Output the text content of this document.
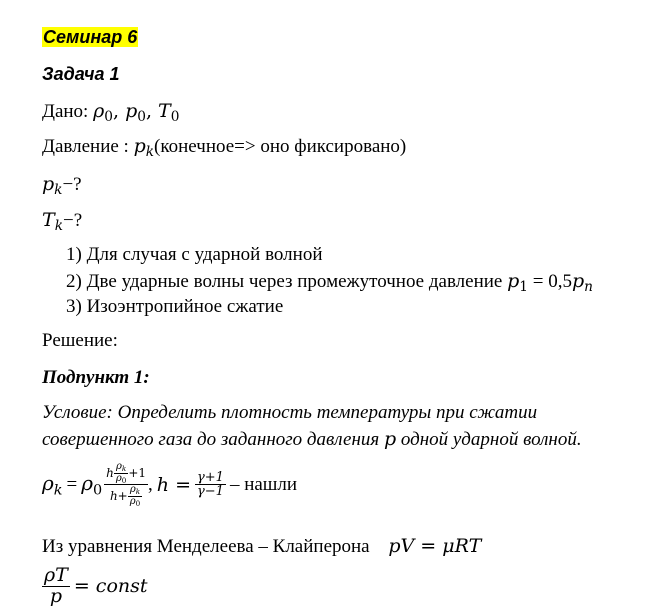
Семинар 6
Задача 1
Дано: $\rho_0$, $p_0$, $T_0$
Давление : $p_k(конечное=>$ оно фиксировано)
$p_k-$?
$T_k-$?
1) Для случая с ударной волной
2) Две ударные волны через промежуточное давление $p_1 = 0,5p_n$
3) Изоэнтропийное сжатие
Решение:
Подпункт 1:
Условие: Определить плотность температуры при сжатии
совершенного газа до заданного давления p одной ударной волной.
$\rho_k = \rho_0 \frac{h \frac{\rho_k}{\rho_0} +1}{h+ \frac{\rho_k}{\rho_0}}$ , $h = \frac{\gamma+1}{\gamma-1}$ – нашли
Из уравнения Менделеева – Клайперона pV = μRT
$\frac{\rho T}{p}$ = const
